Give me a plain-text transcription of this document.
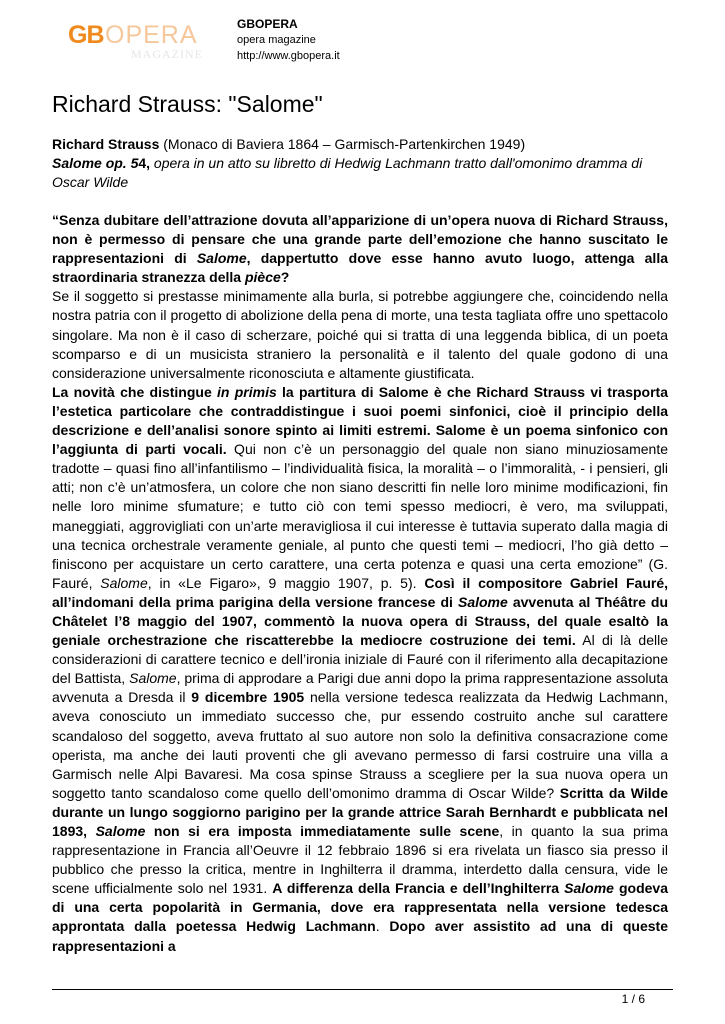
GB OPERA
MAGAZINE
GBOPERA
opera magazine
http://www.gbopera.it
Richard Strauss: "Salome"
Richard Strauss (Monaco di Baviera 1864 – Garmisch-Partenkirchen 1949)
Salome op. 54, opera in un atto su libretto di Hedwig Lachmann tratto dall'omonimo dramma di Oscar Wilde

“Senza dubitare dell’attrazione dovuta all’apparizione di un’opera nuova di Richard Strauss, non è permesso di pensare che una grande parte dell’emozione che hanno suscitato le rappresentazioni di Salome, dappertutto dove esse hanno avuto luogo, attenga alla straordinaria stranezza della pièce?

Se il soggetto si prestasse minimamente alla burla, si potrebbe aggiungere che, coincidendo nella nostra patria con il progetto di abolizione della pena di morte, una testa tagliata offre uno spettacolo singolare. Ma non è il caso di scherzare, poiché qui si tratta di una leggenda biblica, di un poeta scomparso e di un musicista straniero la personalità e il talento del quale godono di una considerazione universalmente riconosciuta e altamente giustificata.

La novità che distingue in primis la partitura di Salome è che Richard Strauss vi trasporta l’estetica particolare che contraddistingue i suoi poemi sinfonici, cioè il principio della descrizione e dell’analisi sonore spinto ai limiti estremi. Salome è un poema sinfonico con l’aggiunta di parti vocali. Qui non c’è un personaggio del quale non siano minuziosamente tradotte – quasi fino all’infantilismo – l’individualità fisica, la moralità – o l’immoralità, - i pensieri, gli atti; non c’è un’atmosfera, un colore che non siano descritti fin nelle loro minime modificazioni, fin nelle loro minime sfumature; e tutto ciò con temi spesso mediocri, è vero, ma sviluppati, maneggiati, aggrovigliati con un’arte meravigliosa il cui interesse è tuttavia superato dalla magia di una tecnica orchestrale veramente geniale, al punto che questi temi – mediocri, l’ho già detto – finiscono per acquistare un certo carattere, una certa potenza e quasi una certa emozione” (G. Fauré, Salome, in «Le Figaro», 9 maggio 1907, p. 5). Così il compositore Gabriel Fauré, all’indomani della prima parigina della versione francese di Salome avvenuta al Théâtre du Châtelet l’8 maggio del 1907, commentò la nuova opera di Strauss, del quale esaltò la geniale orchestrazione che riscatterebbe la mediocre costruzione dei temi. Al di là delle considerazioni di carattere tecnico e dell’ironia iniziale di Fauré con il riferimento alla decapitazione del Battista, Salome, prima di approdare a Parigi due anni dopo la prima rappresentazione assoluta avvenuta a Dresda il 9 dicembre 1905 nella versione tedesca realizzata da Hedwig Lachmann, aveva conosciuto un immediato successo che, pur essendo costruito anche sul carattere scandaloso del soggetto, aveva fruttato al suo autore non solo la definitiva consacrazione come operista, ma anche dei lauti proventi che gli avevano permesso di farsi costruire una villa a Garmisch nelle Alpi Bavaresi. Ma cosa spinse Strauss a scegliere per la sua nuova opera un soggetto tanto scandaloso come quello dell’omonimo dramma di Oscar Wilde? Scritta da Wilde durante un lungo soggiorno parigino per la grande attrice Sarah Bernhardt e pubblicata nel 1893, Salome non si era imposta immediatamente sulle scene, in quanto la sua prima rappresentazione in Francia all’Oeuvre il 12 febbraio 1896 si era rivelata un fiasco sia presso il pubblico che presso la critica, mentre in Inghilterra il dramma, interdetto dalla censura, vide le scene ufficialmente solo nel 1931. A differenza della Francia e dell’Inghilterra Salome godeva di una certa popolarità in Germania, dove era rappresentata nella versione tedesca approntata dalla poetessa Hedwig Lachmann. Dopo aver assistito ad una di queste rappresentazioni a

1 / 6
